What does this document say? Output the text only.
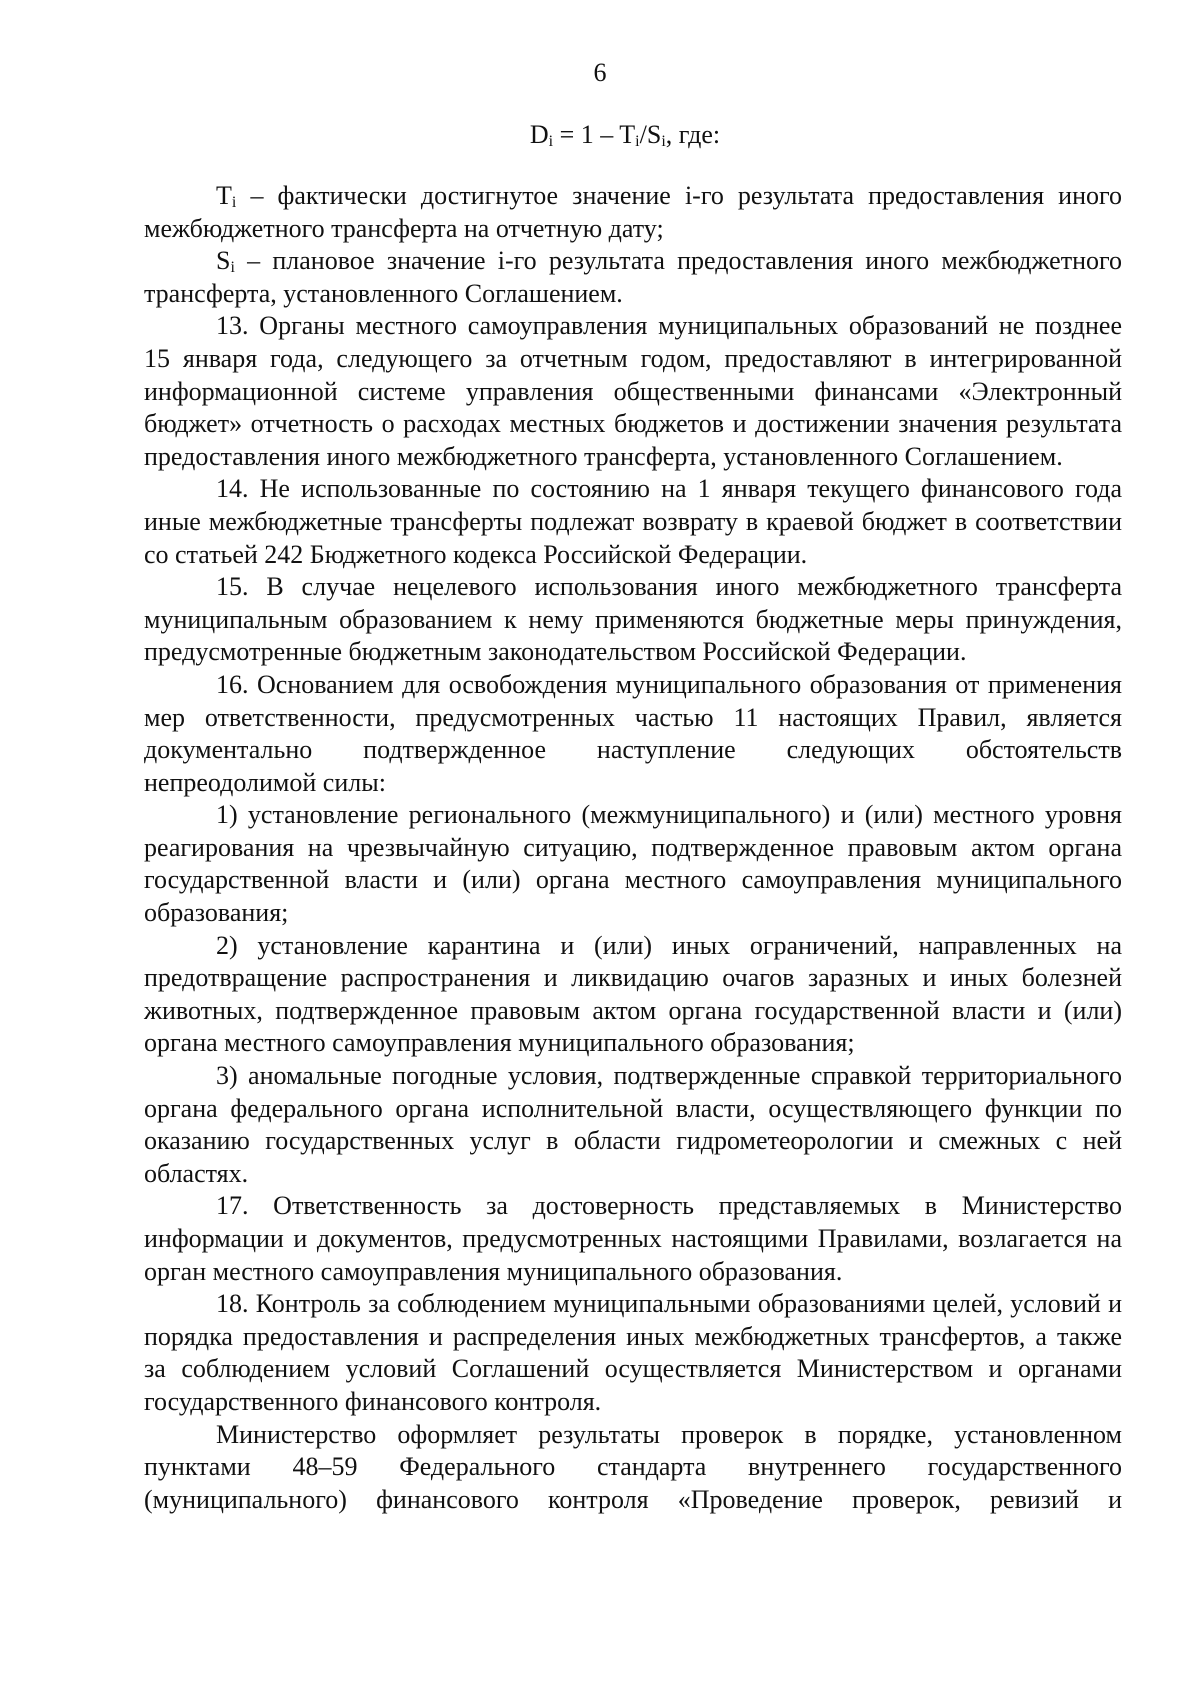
6
$D_i = 1 - T_i/S_i$, где:

$T_i$ – фактически достигнутое значение i-го результата предоставления иного межбюджетного трансферта на отчетную дату;

$S_i$ – плановое значение i-го результата предоставления иного межбюджетного трансферта, установленного Соглашением.

13. Органы местного самоуправления муниципальных образований не позднее 15 января года, следующего за отчетным годом, предоставляют в интегрированной информационной системе управления общественными финансами «Электронный бюджет» отчетность о расходах местных бюджетов и достижении значения результата предоставления иного межбюджетного трансферта, установленного Соглашением.

14. Не использованные по состоянию на 1 января текущего финансового года иные межбюджетные трансферты подлежат возврату в краевой бюджет в соответствии со статьей 242 Бюджетного кодекса Российской Федерации.

15. В случае нецелевого использования иного межбюджетного трансферта муниципальным образованием к нему применяются бюджетные меры принуждения, предусмотренные бюджетным законодательством Российской Федерации.

16. Основанием для освобождения муниципального образования от применения мер ответственности, предусмотренных частью 11 настоящих Правил, является документально подтвержденное наступление следующих обстоятельств непреодолимой силы:

1) установление регионального (межмуниципального) и (или) местного уровня реагирования на чрезвычайную ситуацию, подтвержденное правовым актом органа государственной власти и (или) органа местного самоуправления муниципального образования;

2) установление карантина и (или) иных ограничений, направленных на предотвращение распространения и ликвидацию очагов заразных и иных болезней животных, подтвержденное правовым актом органа государственной власти и (или) органа местного самоуправления муниципального образования;

3) аномальные погодные условия, подтвержденные справкой территориального органа федерального органа исполнительной власти, осуществляющего функции по оказанию государственных услуг в области гидрометеорологии и смежных с ней областях.

17. Ответственность за достоверность представляемых в Министерство информации и документов, предусмотренных настоящими Правилами, возлагается на орган местного самоуправления муниципального образования.

18. Контроль за соблюдением муниципальными образованиями целей, условий и порядка предоставления и распределения иных межбюджетных трансфертов, а также за соблюдением условий Соглашений осуществляется Министерством и органами государственного финансового контроля.

Министерство оформляет результаты проверок в порядке, установленном пунктами 48–59 Федерального стандарта внутреннего государственного (муниципального) финансового контроля «Проведение проверок, ревизий и
